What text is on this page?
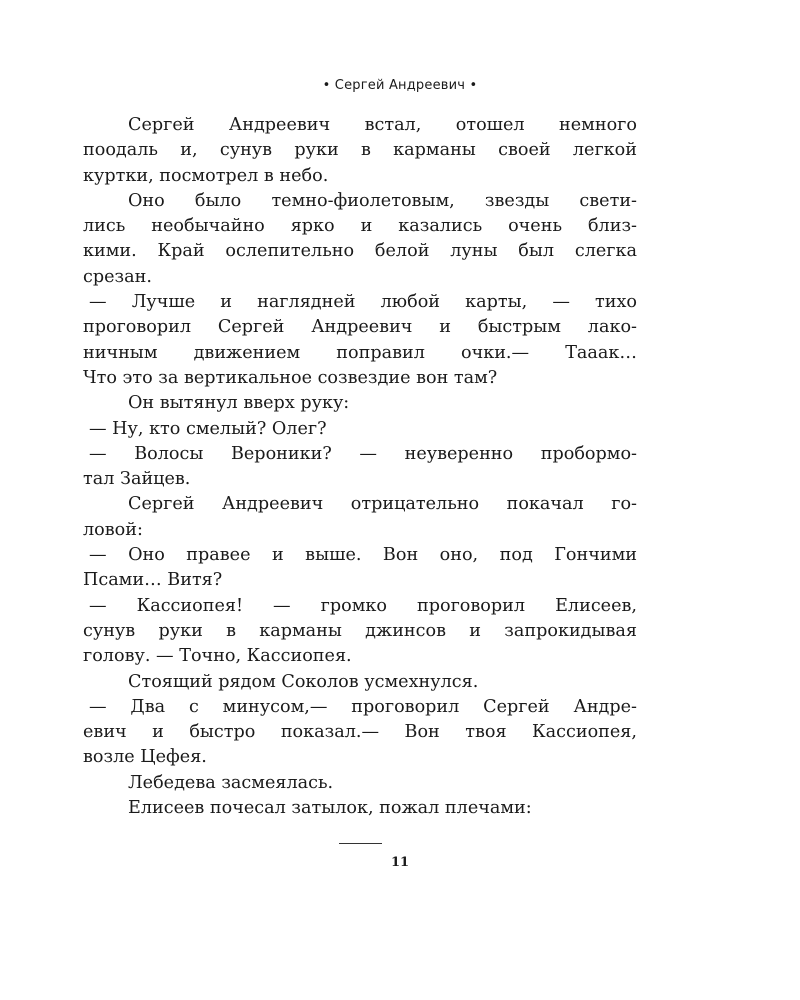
• Сергей Андреевич •
Сергей Андреевич встал, отошел немного
поодаль и, сунув руки в карманы своей легкой
куртки, посмотрел в небо.
Оно было темно-фиолетовым, звезды свети-
лись необычайно ярко и казались очень близ-
кими. Край ослепительно белой луны был слегка
срезан.
— Лучше и наглядней любой карты, — тихо
проговорил Сергей Андреевич и быстрым лако-
ничным движением поправил очки.— Тааак…
Что это за вертикальное созвездие вон там?
Он вытянул вверх руку:
— Ну, кто смелый? Олег?
— Волосы Вероники? — неуверенно пробормо-
тал Зайцев.
Сергей Андреевич отрицательно покачал го-
ловой:
— Оно правее и выше. Вон оно, под Гончими
Псами… Витя?
— Кассиопея! — громко проговорил Елисеев,
сунув руки в карманы джинсов и запрокидывая
голову. — Точно, Кассиопея.
Стоящий рядом Соколов усмехнулся.
— Два с минусом,— проговорил Сергей Андре-
евич и быстро показал.— Вон твоя Кассиопея,
возле Цефея.
Лебедева засмеялась.
Елисеев почесал затылок, пожал плечами:
11
